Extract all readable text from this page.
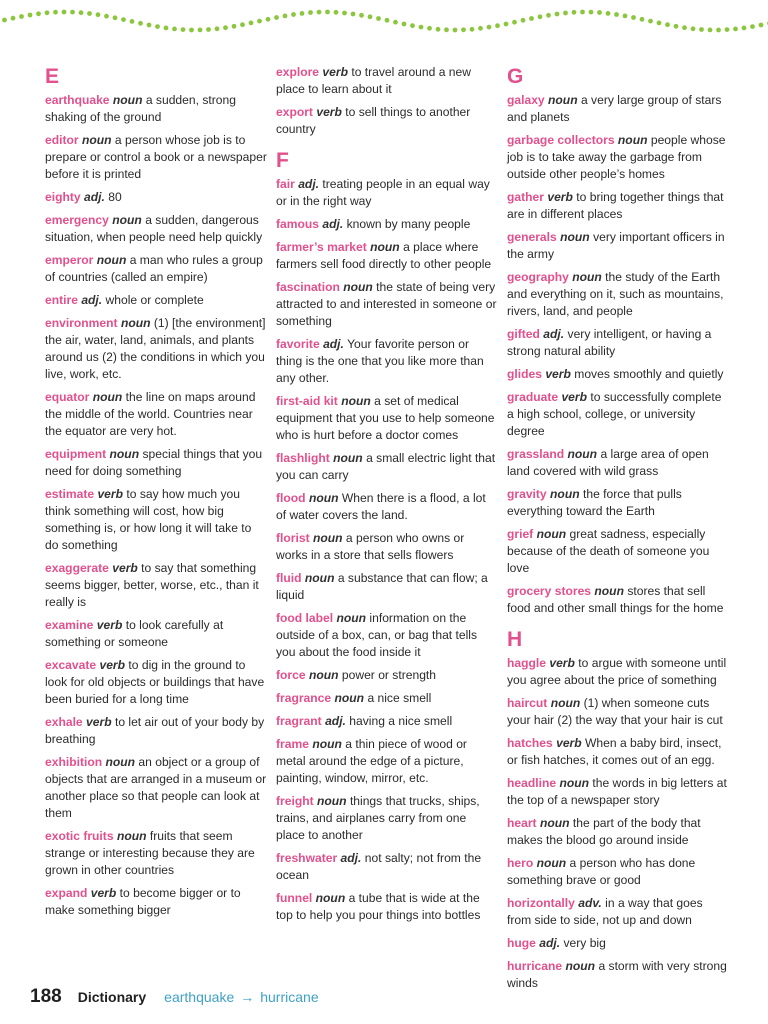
E

earthquake noun a sudden, strong shaking of the ground

editor noun a person whose job is to prepare or control a book or a newspaper before it is printed

eighty adj. 80

emergency noun a sudden, dangerous situation, when people need help quickly

emperor noun a man who rules a group of countries (called an empire)

entire adj. whole or complete

environment noun (1) [the environment] the air, water, land, animals, and plants around us (2) the conditions in which you live, work, etc.

equator noun the line on maps around the middle of the world. Countries near the equator are very hot.

equipment noun special things that you need for doing something

estimate verb to say how much you think something will cost, how big something is, or how long it will take to do something

exaggerate verb to say that something seems bigger, better, worse, etc., than it really is

examine verb to look carefully at something or someone

excavate verb to dig in the ground to look for old objects or buildings that have been buried for a long time

exhale verb to let air out of your body by breathing

exhibition noun an object or a group of objects that are arranged in a museum or another place so that people can look at them

exotic fruits noun fruits that seem strange or interesting because they are grown in other countries

expand verb to become bigger or to make something bigger

explore verb to travel around a new place to learn about it

export verb to sell things to another country

F

fair adj. treating people in an equal way or in the right way

famous adj. known by many people

farmer’s market noun a place where farmers sell food directly to other people

fascination noun the state of being very attracted to and interested in someone or something

favorite adj. Your favorite person or thing is the one that you like more than any other.

first-aid kit noun a set of medical equipment that you use to help someone who is hurt before a doctor comes

flashlight noun a small electric light that you can carry

flood noun When there is a flood, a lot of water covers the land.

florist noun a person who owns or works in a store that sells flowers

fluid noun a substance that can flow; a liquid

food label noun information on the outside of a box, can, or bag that tells you about the food inside it

force noun power or strength

fragrance noun a nice smell

fragrant adj. having a nice smell

frame noun a thin piece of wood or metal around the edge of a picture, painting, window, mirror, etc.

freight noun things that trucks, ships, trains, and airplanes carry from one place to another

freshwater adj. not salty; not from the ocean

funnel noun a tube that is wide at the top to help you pour things into bottles

G

galaxy noun a very large group of stars and planets

garbage collectors noun people whose job is to take away the garbage from outside other people’s homes

gather verb to bring together things that are in different places

generals noun very important officers in the army

geography noun the study of the Earth and everything on it, such as mountains, rivers, land, and people

gifted adj. very intelligent, or having a strong natural ability

glides verb moves smoothly and quietly

graduate verb to successfully complete a high school, college, or university degree

grassland noun a large area of open land covered with wild grass

gravity noun the force that pulls everything toward the Earth

grief noun great sadness, especially because of the death of someone you love

grocery stores noun stores that sell food and other small things for the home

H

haggle verb to argue with someone until you agree about the price of something

haircut noun (1) when someone cuts your hair (2) the way that your hair is cut

hatches verb When a baby bird, insect, or fish hatches, it comes out of an egg.

headline noun the words in big letters at the top of a newspaper story

heart noun the part of the body that makes the blood go around inside

hero noun a person who has done something brave or good

horizontally adv. in a way that goes from side to side, not up and down

huge adj. very big

hurricane noun a storm with very strong winds

188 Dictionary earthquake → hurricane
